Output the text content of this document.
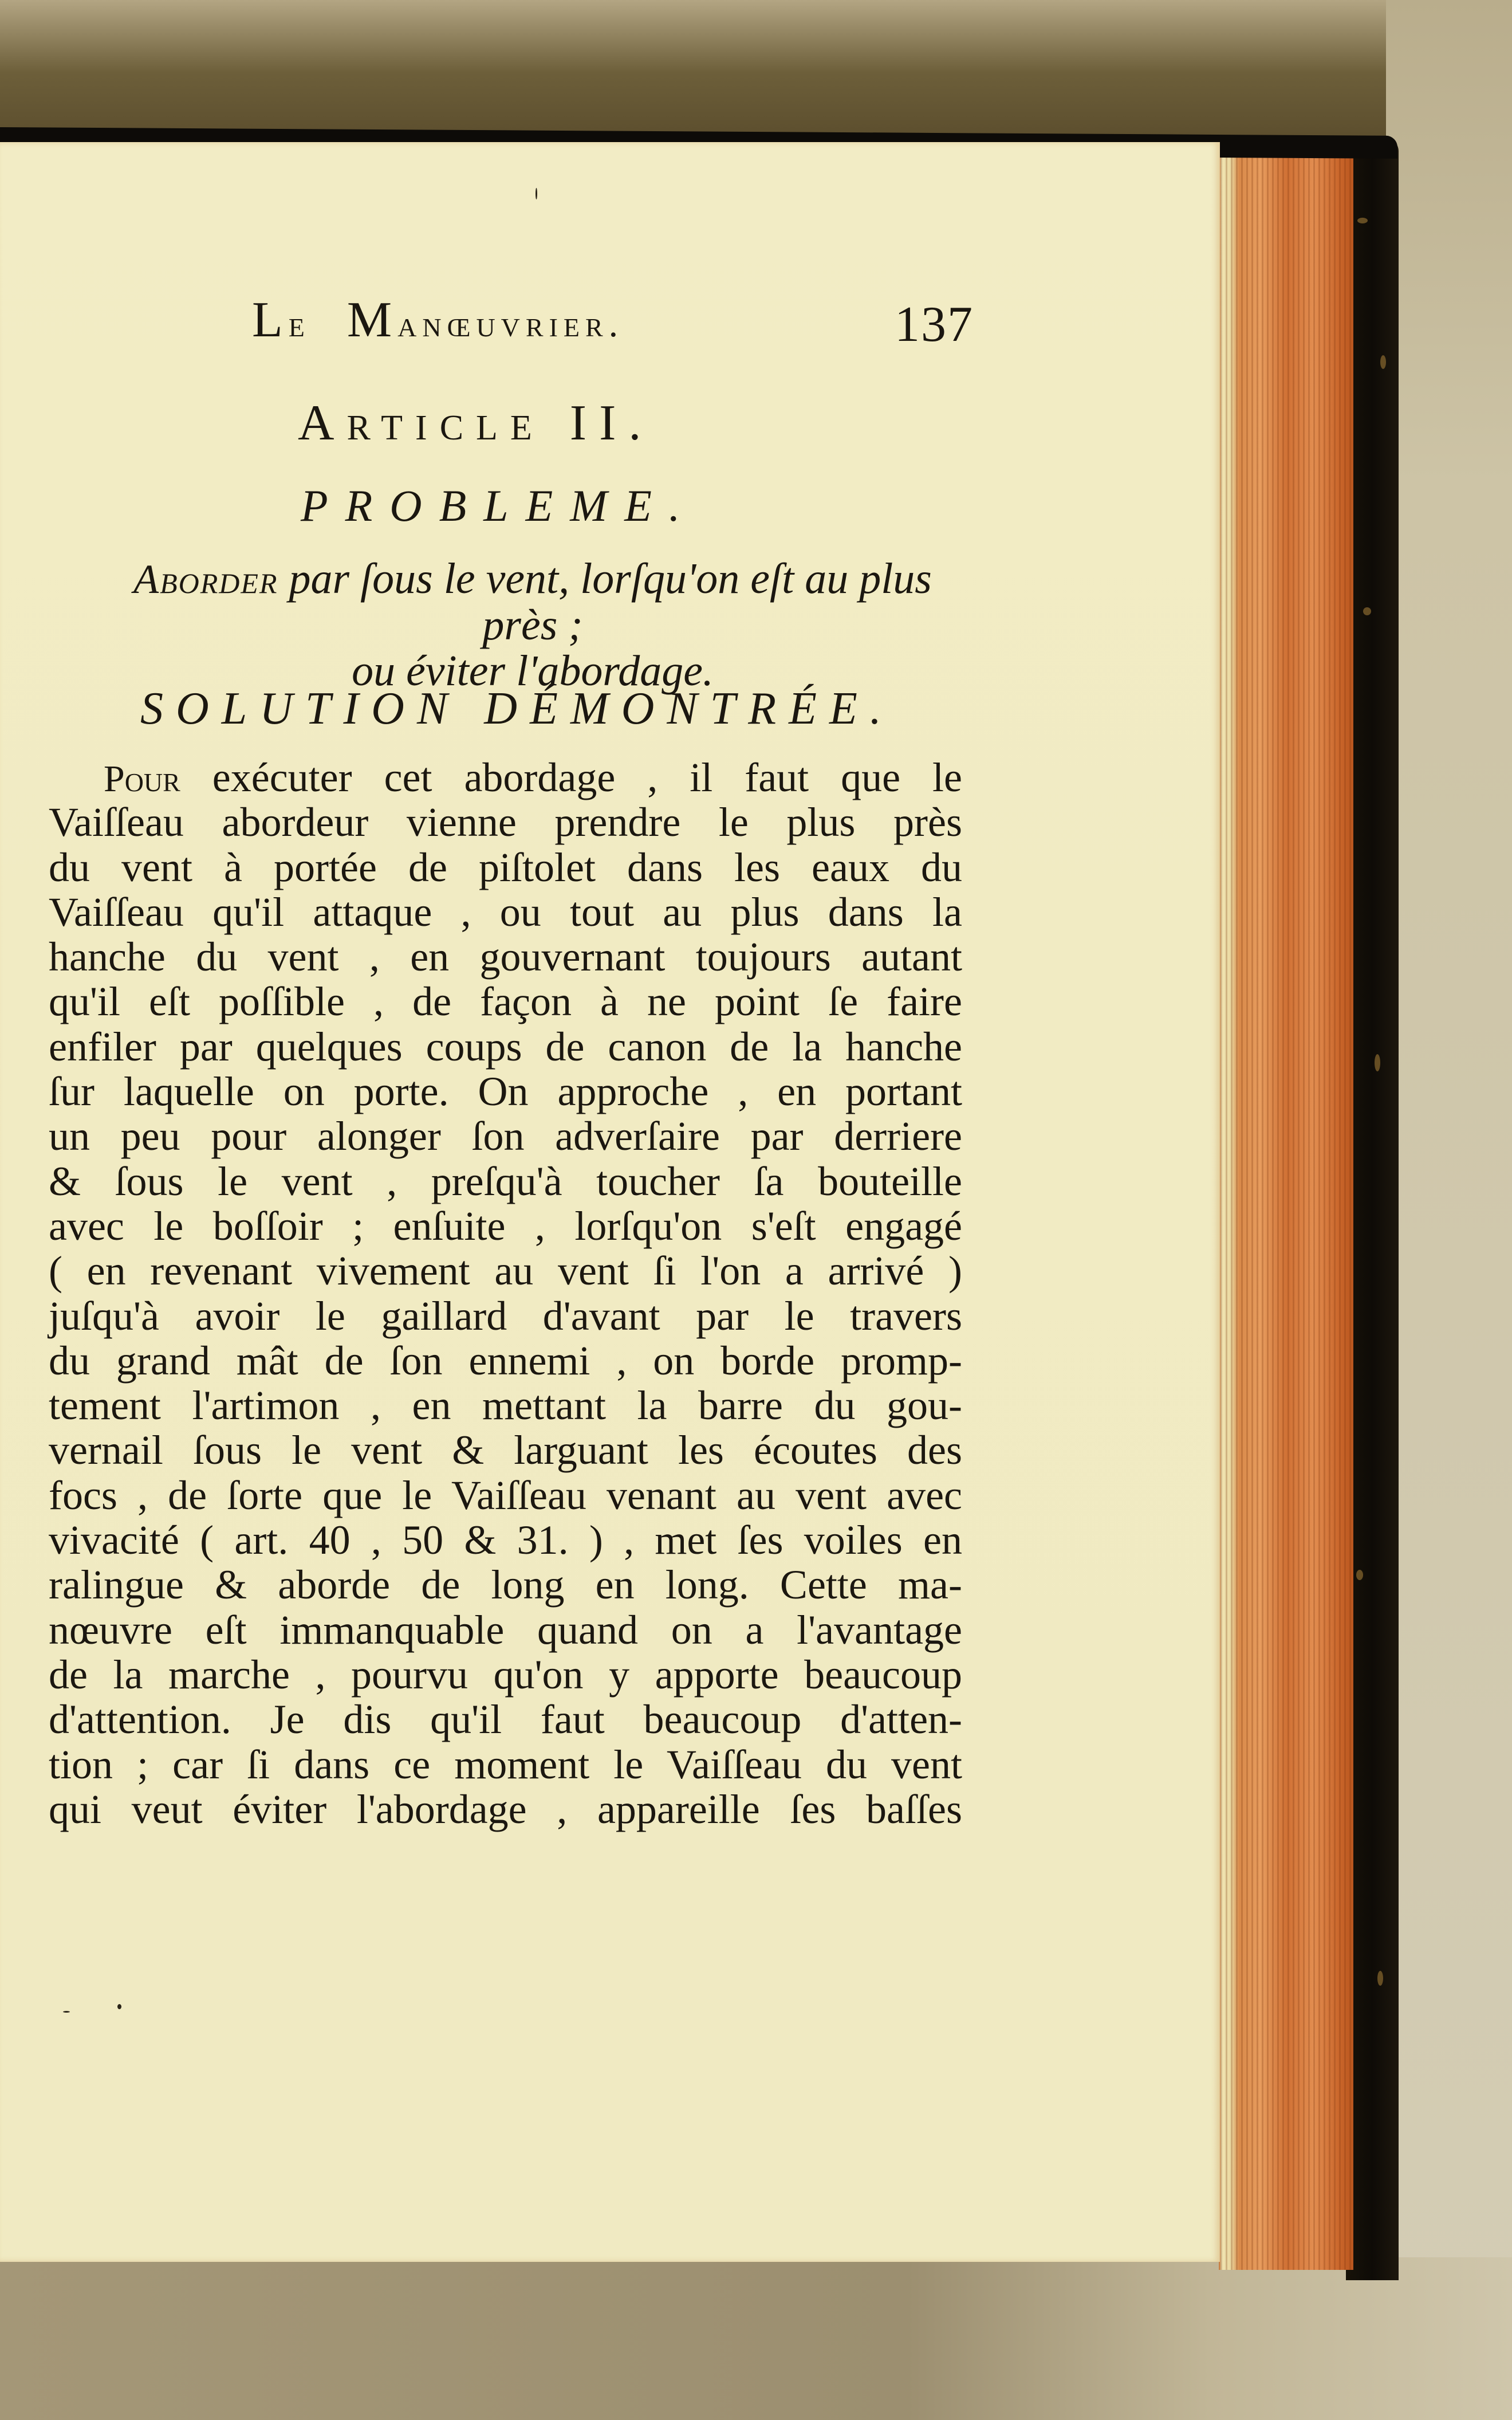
Le Manœuvrier.	137
Article II.
PROBLEME.
Aborder par ſous le vent, lorſqu'on eſt au plus près ;
ou éviter l'abordage.
SOLUTION DÉMONTRÉE.
Pour exécuter cet abordage , il faut que le
Vaiſſeau abordeur vienne prendre le plus près
du vent à portée de piſtolet dans les eaux du
Vaiſſeau qu'il attaque , ou tout au plus dans la
hanche du vent , en gouvernant toujours autant
qu'il eſt poſſible , de façon à ne point ſe faire
enfiler par quelques coups de canon de la hanche
ſur laquelle on porte. On approche , en portant
un peu pour alonger ſon adverſaire par derriere
& ſous le vent , preſqu'à toucher ſa bouteille
avec le boſſoir ; enſuite , lorſqu'on s'eſt engagé
( en revenant vivement au vent ſi l'on a arrivé )
juſqu'à avoir le gaillard d'avant par le travers
du grand mât de ſon ennemi , on borde promp-
tement l'artimon , en mettant la barre du gou-
vernail ſous le vent & larguant les écoutes des
focs , de ſorte que le Vaiſſeau venant au vent avec
vivacité ( art. 40 , 50 & 31. ) , met ſes voiles en
ralingue & aborde de long en long. Cette ma-
nœuvre eſt immanquable quand on a l'avantage
de la marche , pourvu qu'on y apporte beaucoup
d'attention. Je dis qu'il faut beaucoup d'atten-
tion ; car ſi dans ce moment le Vaiſſeau du vent
qui veut éviter l'abordage , appareille ſes baſſes
